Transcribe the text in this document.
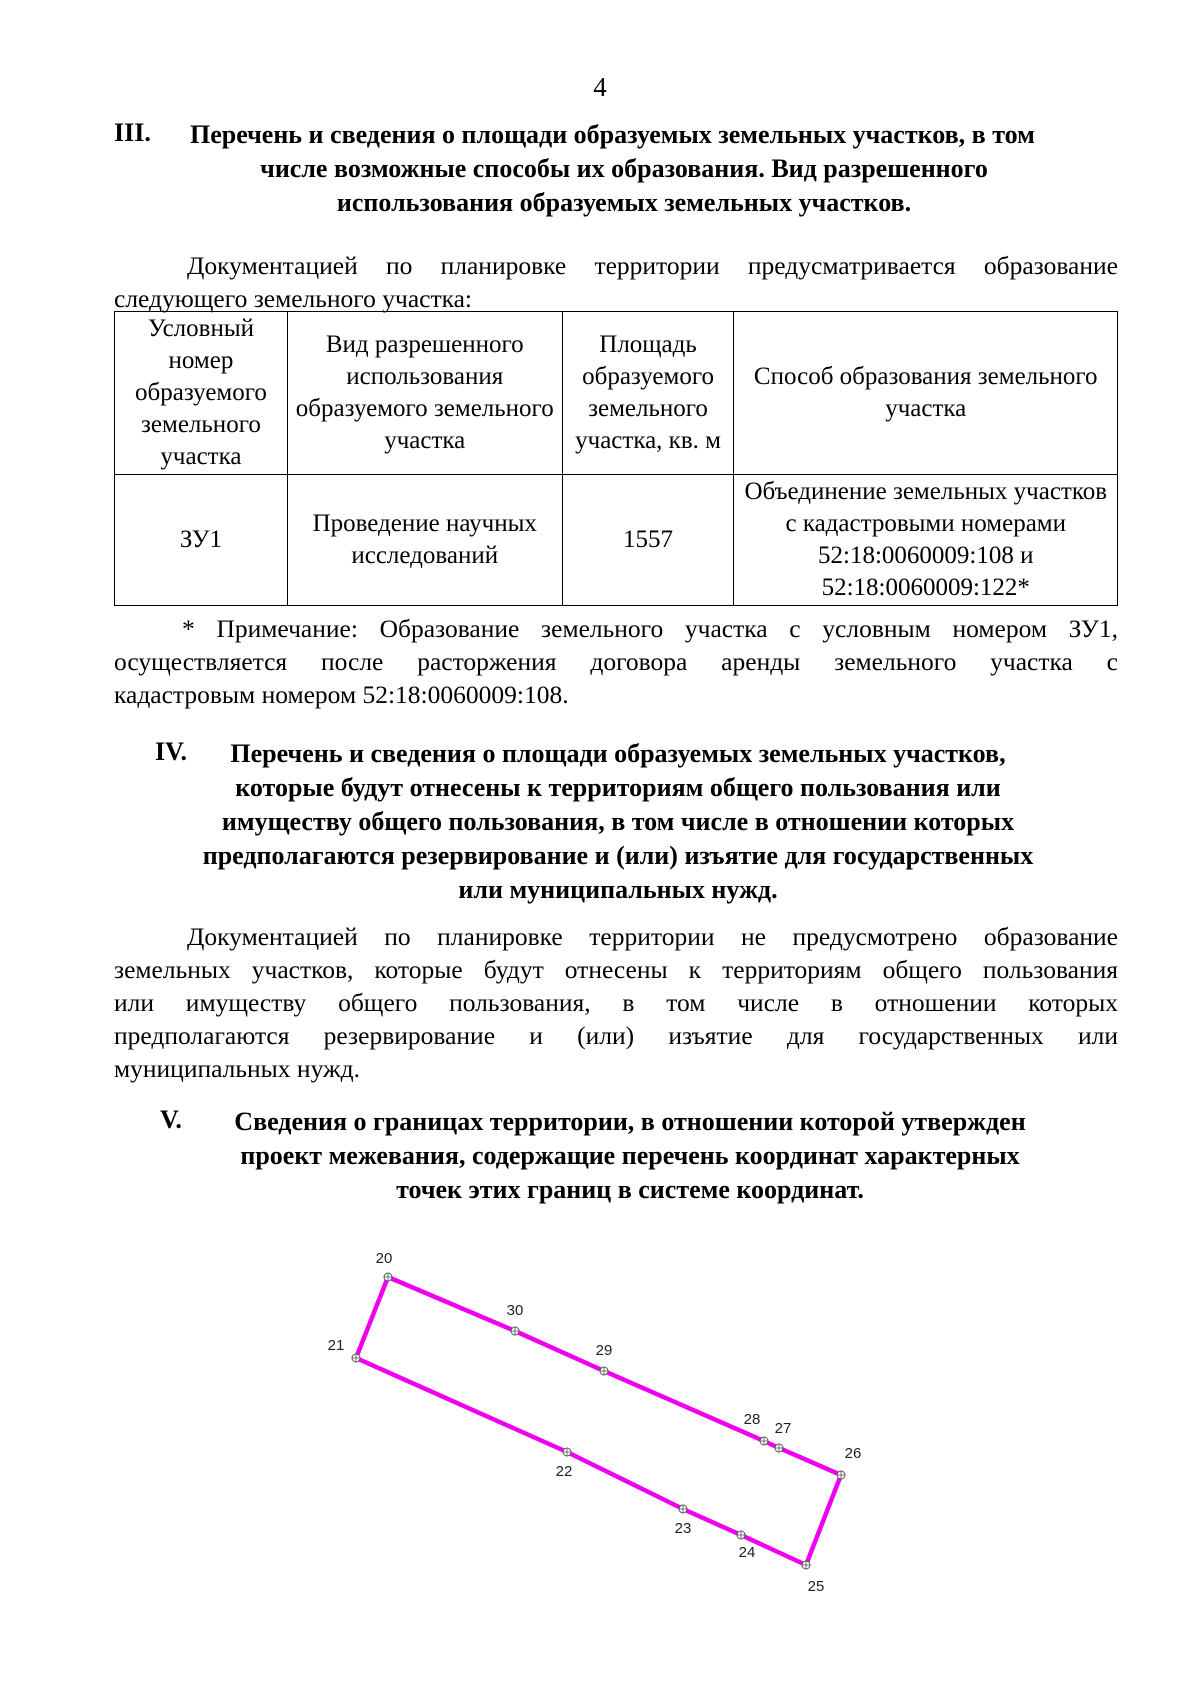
4
III. Перечень и сведения о площади образуемых земельных участков, в том
числе возможные способы их образования. Вид разрешенного
использования образуемых земельных участков.
Документацией по планировке территории предусматривается образование
следующего земельного участка:
Условный номер образуемого земельного участка	Вид разрешенного использования образуемого земельного участка	Площадь образуемого земельного участка, кв. м	Способ образования земельного участка
ЗУ1	Проведение научных исследований	1557	Объединение земельных участков с кадастровыми номерами 52:18:0060009:108 и 52:18:0060009:122*
* Примечание: Образование земельного участка с условным номером ЗУ1,
осуществляется после расторжения договора аренды земельного участка с
кадастровым номером 52:18:0060009:108.
IV.	Перечень и сведения о площади образуемых земельных участков,
которые будут отнесены к территориям общего пользования или
имуществу общего пользования, в том числе в отношении которых
предполагаются резервирование и (или) изъятие для государственных
или муниципальных нужд.
Документацией по планировке территории не предусмотрено образование
земельных участков, которые будут отнесены к территориям общего пользования
или имуществу общего пользования, в том числе в отношении которых
предполагаются резервирование и (или) изъятие для государственных или
муниципальных нужд.
V.	Сведения о границах территории, в отношении которой утвержден
проект межевания, содержащие перечень координат характерных
точек этих границ в системе координат.
20
30
29
28
27
26
25
24
23
22
21
